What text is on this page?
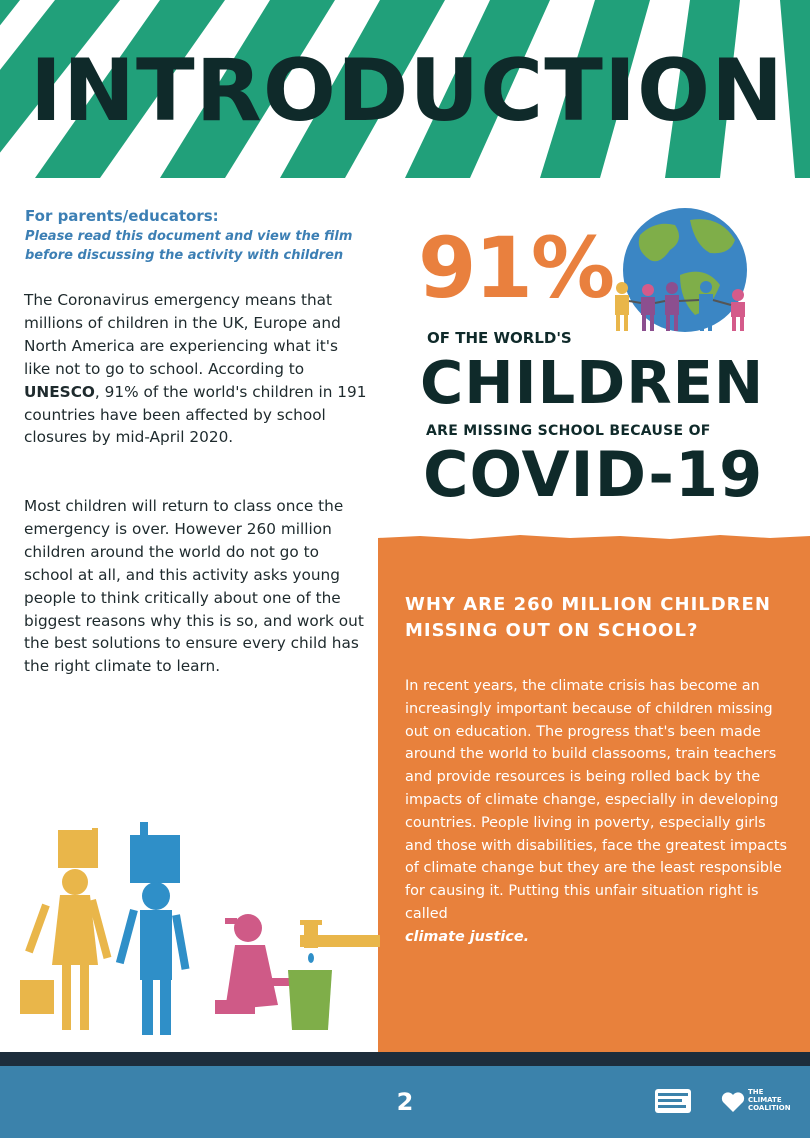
INTRODUCTION
For parents/educators:
Please read this document and view the film before discussing the activity with children

The Coronavirus emergency means that millions of children in the UK, Europe and North America are experiencing what it's like not to go to school. According to UNESCO, 91% of the world's children in 191 countries have been affected by school closures by mid-April 2020.

Most children will return to class once the emergency is over. However 260 million children around the world do not go to school at all, and this activity asks young people to think critically about one of the biggest reasons why this is so, and work out the best solutions to ensure every child has the right climate to learn.

91%
OF THE WORLD'S
CHILDREN
ARE MISSING SCHOOL BECAUSE OF
COVID-19

WHY ARE 260 MILLION CHILDREN MISSING OUT ON SCHOOL?

In recent years, the climate crisis has become an increasingly important because of children missing out on education. The progress that's been made around the world to build classooms, train teachers and provide resources is being rolled back by the impacts of climate change, especially in developing countries. People living in poverty, especially girls and those with disabilities, face the greatest impacts of climate change but they are the least responsible for causing it. Putting this unfair situation right is called
climate justice.

2	THE
CLIMATE
COALITION
